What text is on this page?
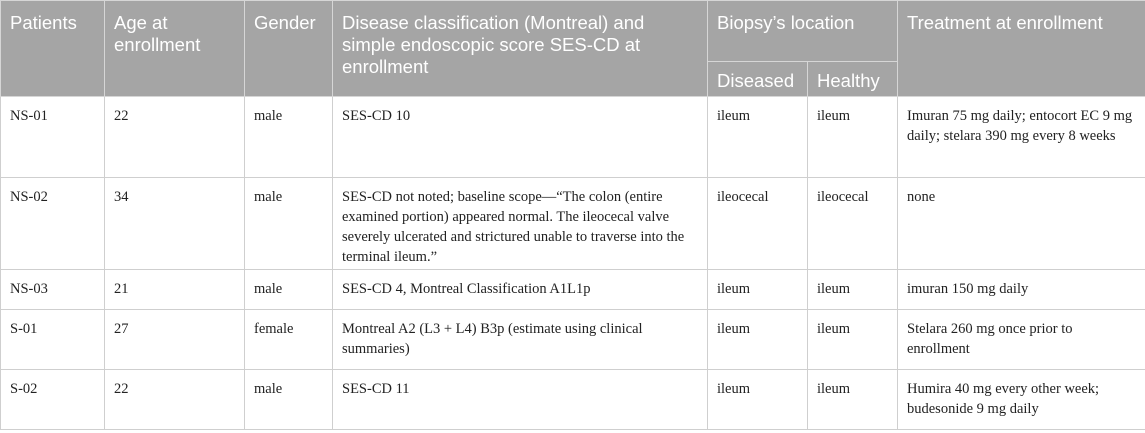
Patients	Age at enrollment	Gender	Disease classification (Montreal) and simple endoscopic score SES-CD at enrollment	Biopsy’s location		Treatment at enrollment
				Diseased	Healthy	
NS-01	22	male	SES-CD 10	ileum	ileum	Imuran 75 mg daily; entocort EC 9 mg daily; stelara 390 mg every 8 weeks
NS-02	34	male	SES-CD not noted; baseline scope—“The colon (entire examined portion) appeared normal. The ileocecal valve severely ulcerated and strictured unable to traverse into the terminal ileum.”	ileocecal	ileocecal	none
NS-03	21	male	SES-CD 4, Montreal Classification A1L1p	ileum	ileum	imuran 150 mg daily
S-01	27	female	Montreal A2 (L3 + L4) B3p (estimate using clinical summaries)	ileum	ileum	Stelara 260 mg once prior to enrollment
S-02	22	male	SES-CD 11	ileum	ileum	Humira 40 mg every other week; budesonide 9 mg daily
